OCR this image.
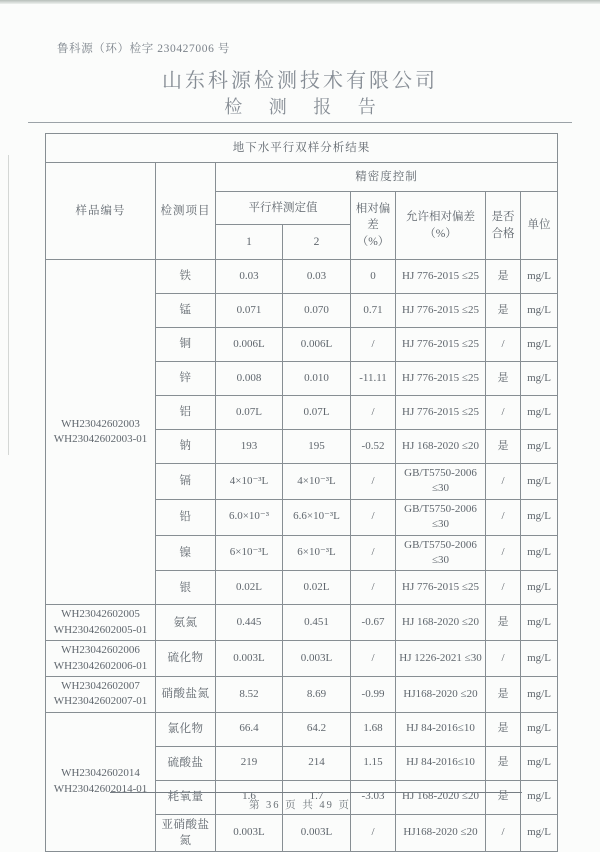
鲁科源（环）检字 230427006 号
山东科源检测技术有限公司
检 测 报 告
地下水平行双样分析结果							
样品编号	检测项目	精密度控制					
		平行样测定值		相对偏差（%）	允许相对偏差（%）	是否合格	单位
		1	2				

WH23042602003
WH23042602003-01	铁	0.03	0.03	0	HJ 776-2015 ≤25	是	mg/L
	锰	0.071	0.070	0.71	HJ 776-2015 ≤25	是	mg/L
	铜	0.006L	0.006L	/	HJ 776-2015 ≤25	/	mg/L
	锌	0.008	0.010	-11.11	HJ 776-2015 ≤25	是	mg/L
	铝	0.07L	0.07L	/	HJ 776-2015 ≤25	/	mg/L
	钠	193	195	-0.52	HJ 168-2020 ≤20	是	mg/L
	镉	4×10⁻³L	4×10⁻³L	/	GB/T5750-2006 ≤30	/	mg/L
	铅	6.0×10⁻³	6.6×10⁻³L	/	GB/T5750-2006 ≤30	/	mg/L
	镍	6×10⁻³L	6×10⁻³L	/	GB/T5750-2006 ≤30	/	mg/L
	银	0.02L	0.02L	/	HJ 776-2015 ≤25	/	mg/L

WH23042602005
WH23042602005-01	氨氮	0.445	0.451	-0.67	HJ 168-2020 ≤20	是	mg/L

WH23042602006
WH23042602006-01	硫化物	0.003L	0.003L	/	HJ 1226-2021 ≤30	/	mg/L

WH23042602007
WH23042602007-01	硝酸盐氮	8.52	8.69	-0.99	HJ168-2020 ≤20	是	mg/L

WH23042602014
WH23042602014-01	氯化物	66.4	64.2	1.68	HJ 84-2016≤10	是	mg/L
	硫酸盐	219	214	1.15	HJ 84-2016≤10	是	mg/L
	耗氧量	1.6	1.7	-3.03	HJ 168-2020 ≤20	是	mg/L
	亚硝酸盐氮	0.003L	0.003L	/	HJ168-2020 ≤20	/	mg/L
第 36 页 共 49 页
